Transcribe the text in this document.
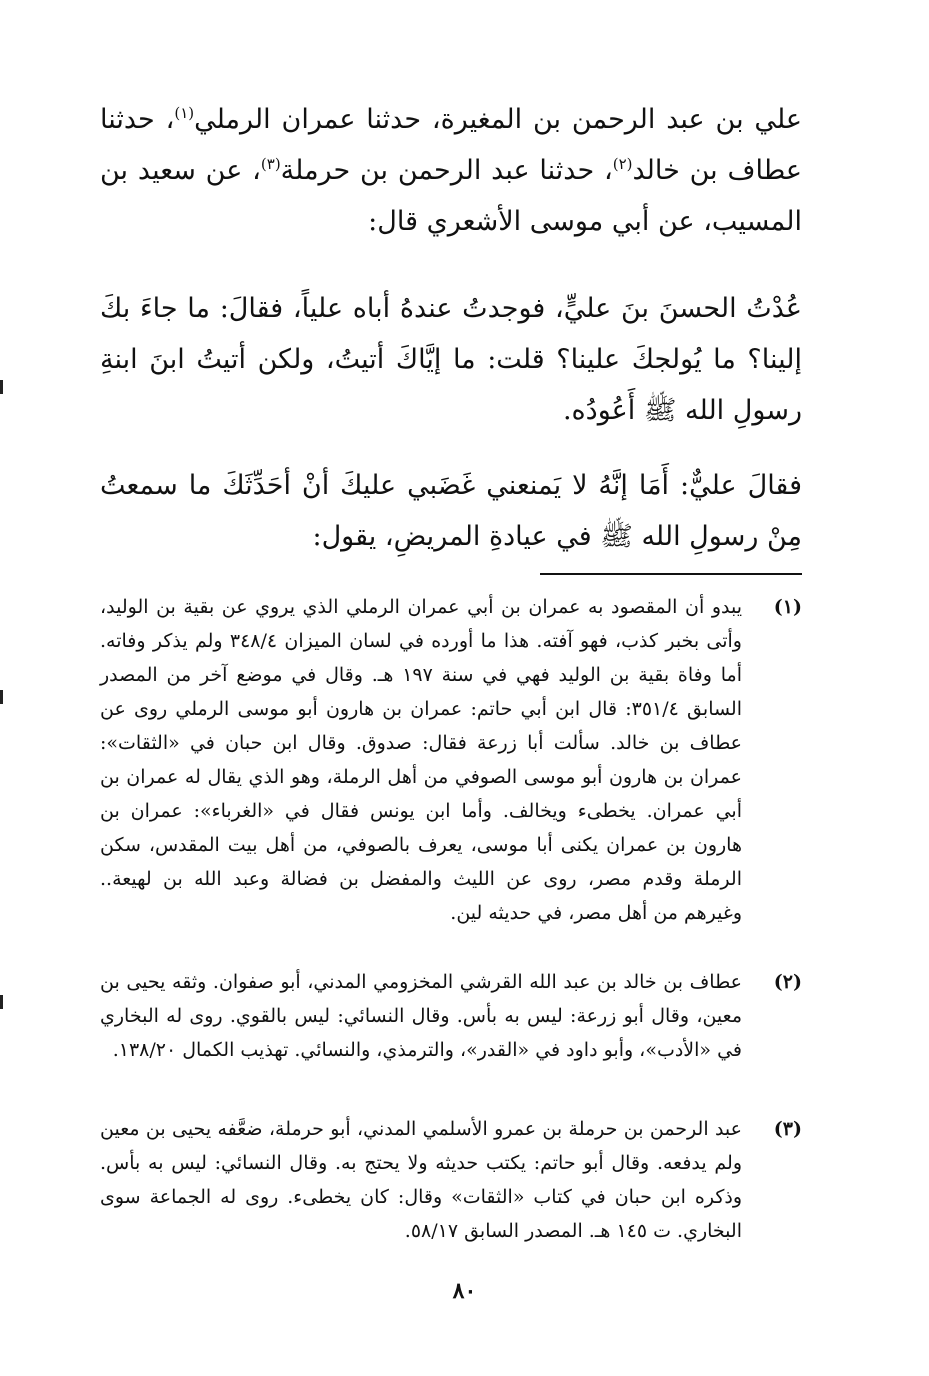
علي بن عبد الرحمن بن المغيرة، حدثنا عمران الرملي$^{(١)}$، حدثنا عطاف بن خالد$^{(٢)}$، حدثنا عبد الرحمن بن حرملة$^{(٣)}$، عن سعيد بن المسيب، عن أبي موسى الأشعري قال:

عُدْتُ الحسنَ بنَ عليٍّ، فوجدتُ عندهُ أباه علياً، فقالَ: ما جاءَ بكَ إلينا؟ ما يُولجكَ علينا؟ قلت: ما إيَّاكَ أتيتُ، ولكن أتيتُ ابنَ ابنةِ رسولِ الله ﷺ أَعُودُه.

فقالَ عليٌّ: أَمَا إنَّهُ لا يَمنعني غَضَبي عليكَ أنْ أحَدِّثَكَ ما سمعتُ مِنْ رسولِ الله ﷺ في عيادةِ المريضِ، يقول:

(١)
يبدو أن المقصود به عمران بن أبي عمران الرملي الذي يروي عن بقية بن الوليد، وأتى بخبر كذب، فهو آفته. هذا ما أورده في لسان الميزان ٣٤٨/٤ ولم يذكر وفاته. أما وفاة بقية بن الوليد فهي في سنة ١٩٧ هـ. وقال في موضع آخر من المصدر السابق ٣٥١/٤: قال ابن أبي حاتم: عمران بن هارون أبو موسى الرملي روى عن عطاف بن خالد. سألت أبا زرعة فقال: صدوق. وقال ابن حبان في «الثقات»: عمران بن هارون أبو موسى الصوفي من أهل الرملة، وهو الذي يقال له عمران بن أبي عمران. يخطىء ويخالف. وأما ابن يونس فقال في «الغرباء»: عمران بن هارون بن عمران يكنى أبا موسى، يعرف بالصوفي، من أهل بيت المقدس، سكن الرملة وقدم مصر، روى عن الليث والمفضل بن فضالة وعبد الله بن لهيعة.. وغيرهم من أهل مصر، في حديثه لين.
(٢)
عطاف بن خالد بن عبد الله القرشي المخزومي المدني، أبو صفوان. وثقه يحيى بن معين، وقال أبو زرعة: ليس به بأس. وقال النسائي: ليس بالقوي. روى له البخاري في «الأدب»، وأبو داود في «القدر»، والترمذي، والنسائي. تهذيب الكمال ١٣٨/٢٠.
(٣)
عبد الرحمن بن حرملة بن عمرو الأسلمي المدني، أبو حرملة، ضعَّفه يحيى بن معين ولم يدفعه. وقال أبو حاتم: يكتب حديثه ولا يحتج به. وقال النسائي: ليس به بأس. وذكره ابن حبان في كتاب «الثقات» وقال: كان يخطىء. روى له الجماعة سوى البخاري. ت ١٤٥ هـ. المصدر السابق ٥٨/١٧.
٨٠
